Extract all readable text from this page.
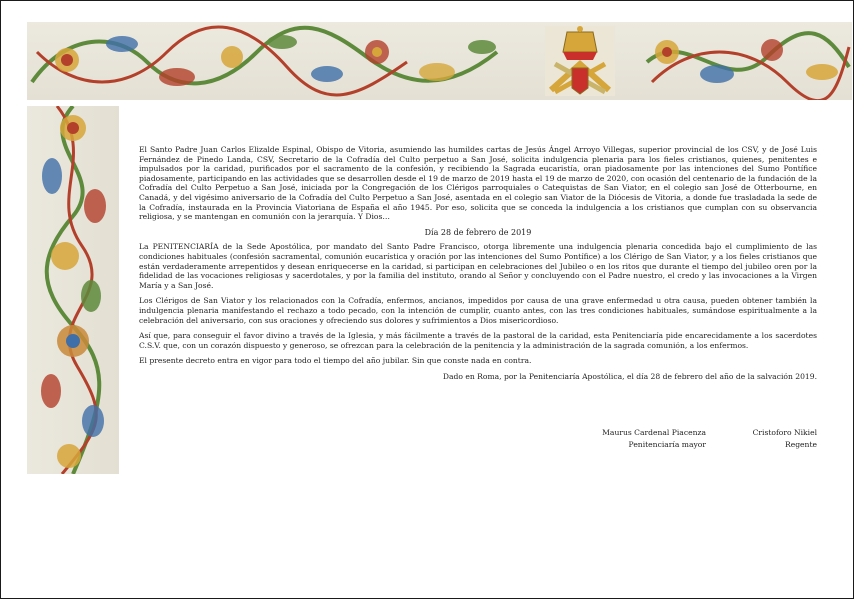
El Santo Padre Juan Carlos Elizalde Espinal, Obispo de Vitoria, asumiendo las humildes cartas de Jesús Ángel Arroyo Villegas, superior provincial de los CSV, y de José Luis Fernández de Pinedo Landa, CSV, Secretario de la Cofradía del Culto perpetuo a San José, solicita indulgencia plenaria para los fieles cristianos, quienes, penitentes e impulsados por la caridad, purificados por el sacramento de la confesión, y recibiendo la Sagrada eucaristía, oran piadosamente por las intenciones del Sumo Pontífice piadosamente, participando en las actividades que se desarrollen desde el 19 de marzo de 2019 hasta el 19 de marzo de 2020, con ocasión del centenario de la fundación de la Cofradía del Culto Perpetuo a San José, iniciada por la Congregación de los Clérigos parroquiales o Catequistas de San Viator, en el colegio san José de Otterbourne, en Canadá, y del vigésimo aniversario de la Cofradía del Culto Perpetuo a San José, asentada en el colegio san Viator de la Diócesis de Vitoria, a donde fue trasladada la sede de la Cofradía, instaurada en la Provincia Viatoriana de España el año 1945. Por eso, solicita que se conceda la indulgencia a los cristianos que cumplan con su observancia religiosa, y se mantengan en comunión con la jerarquía. Y Dios…

Día 28 de febrero de 2019

La PENITENCIARÍA de la Sede Apostólica, por mandato del Santo Padre Francisco, otorga libremente una indulgencia plenaria concedida bajo el cumplimiento de las condiciones habituales (confesión sacramental, comunión eucarística y oración por las intenciones del Sumo Pontífice) a los Clérigo de San Viator, y a los fieles cristianos que están verdaderamente arrepentidos y desean enriquecerse en la caridad, si participan en celebraciones del Jubileo o en los ritos que durante el tiempo del jubileo oren por la fidelidad de las vocaciones religiosas y sacerdotales, y por la familia del instituto, orando al Señor y concluyendo con el Padre nuestro, el credo y las invocaciones a la Virgen María y a San José.

Los Clérigos de San Viator y los relacionados con la Cofradía, enfermos, ancianos, impedidos por causa de una grave enfermedad u otra causa, pueden obtener también la indulgencia plenaria manifestando el rechazo a todo pecado, con la intención de cumplir, cuanto antes, con las tres condiciones habituales, sumándose espiritualmente a la celebración del aniversario, con sus oraciones y ofreciendo sus dolores y sufrimientos a Dios misericordioso.

Así que, para conseguir el favor divino a través de la Iglesia, y más fácilmente a través de la pastoral de la caridad, esta Penitenciaría pide encarecidamente a los sacerdotes C.S.V. que, con un corazón dispuesto y generoso, se ofrezcan para la celebración de la penitencia y la administración de la sagrada comunión, a los enfermos.

El presente decreto entra en vigor para todo el tiempo del año jubilar. Sin que conste nada en contra.

Dado en Roma, por la Penitenciaría Apostólica, el día 28 de febrero del año de la salvación 2019.

Maurus Cardenal Piacenza
Penitenciaría mayor
Cristoforo Nikiel
Regente
